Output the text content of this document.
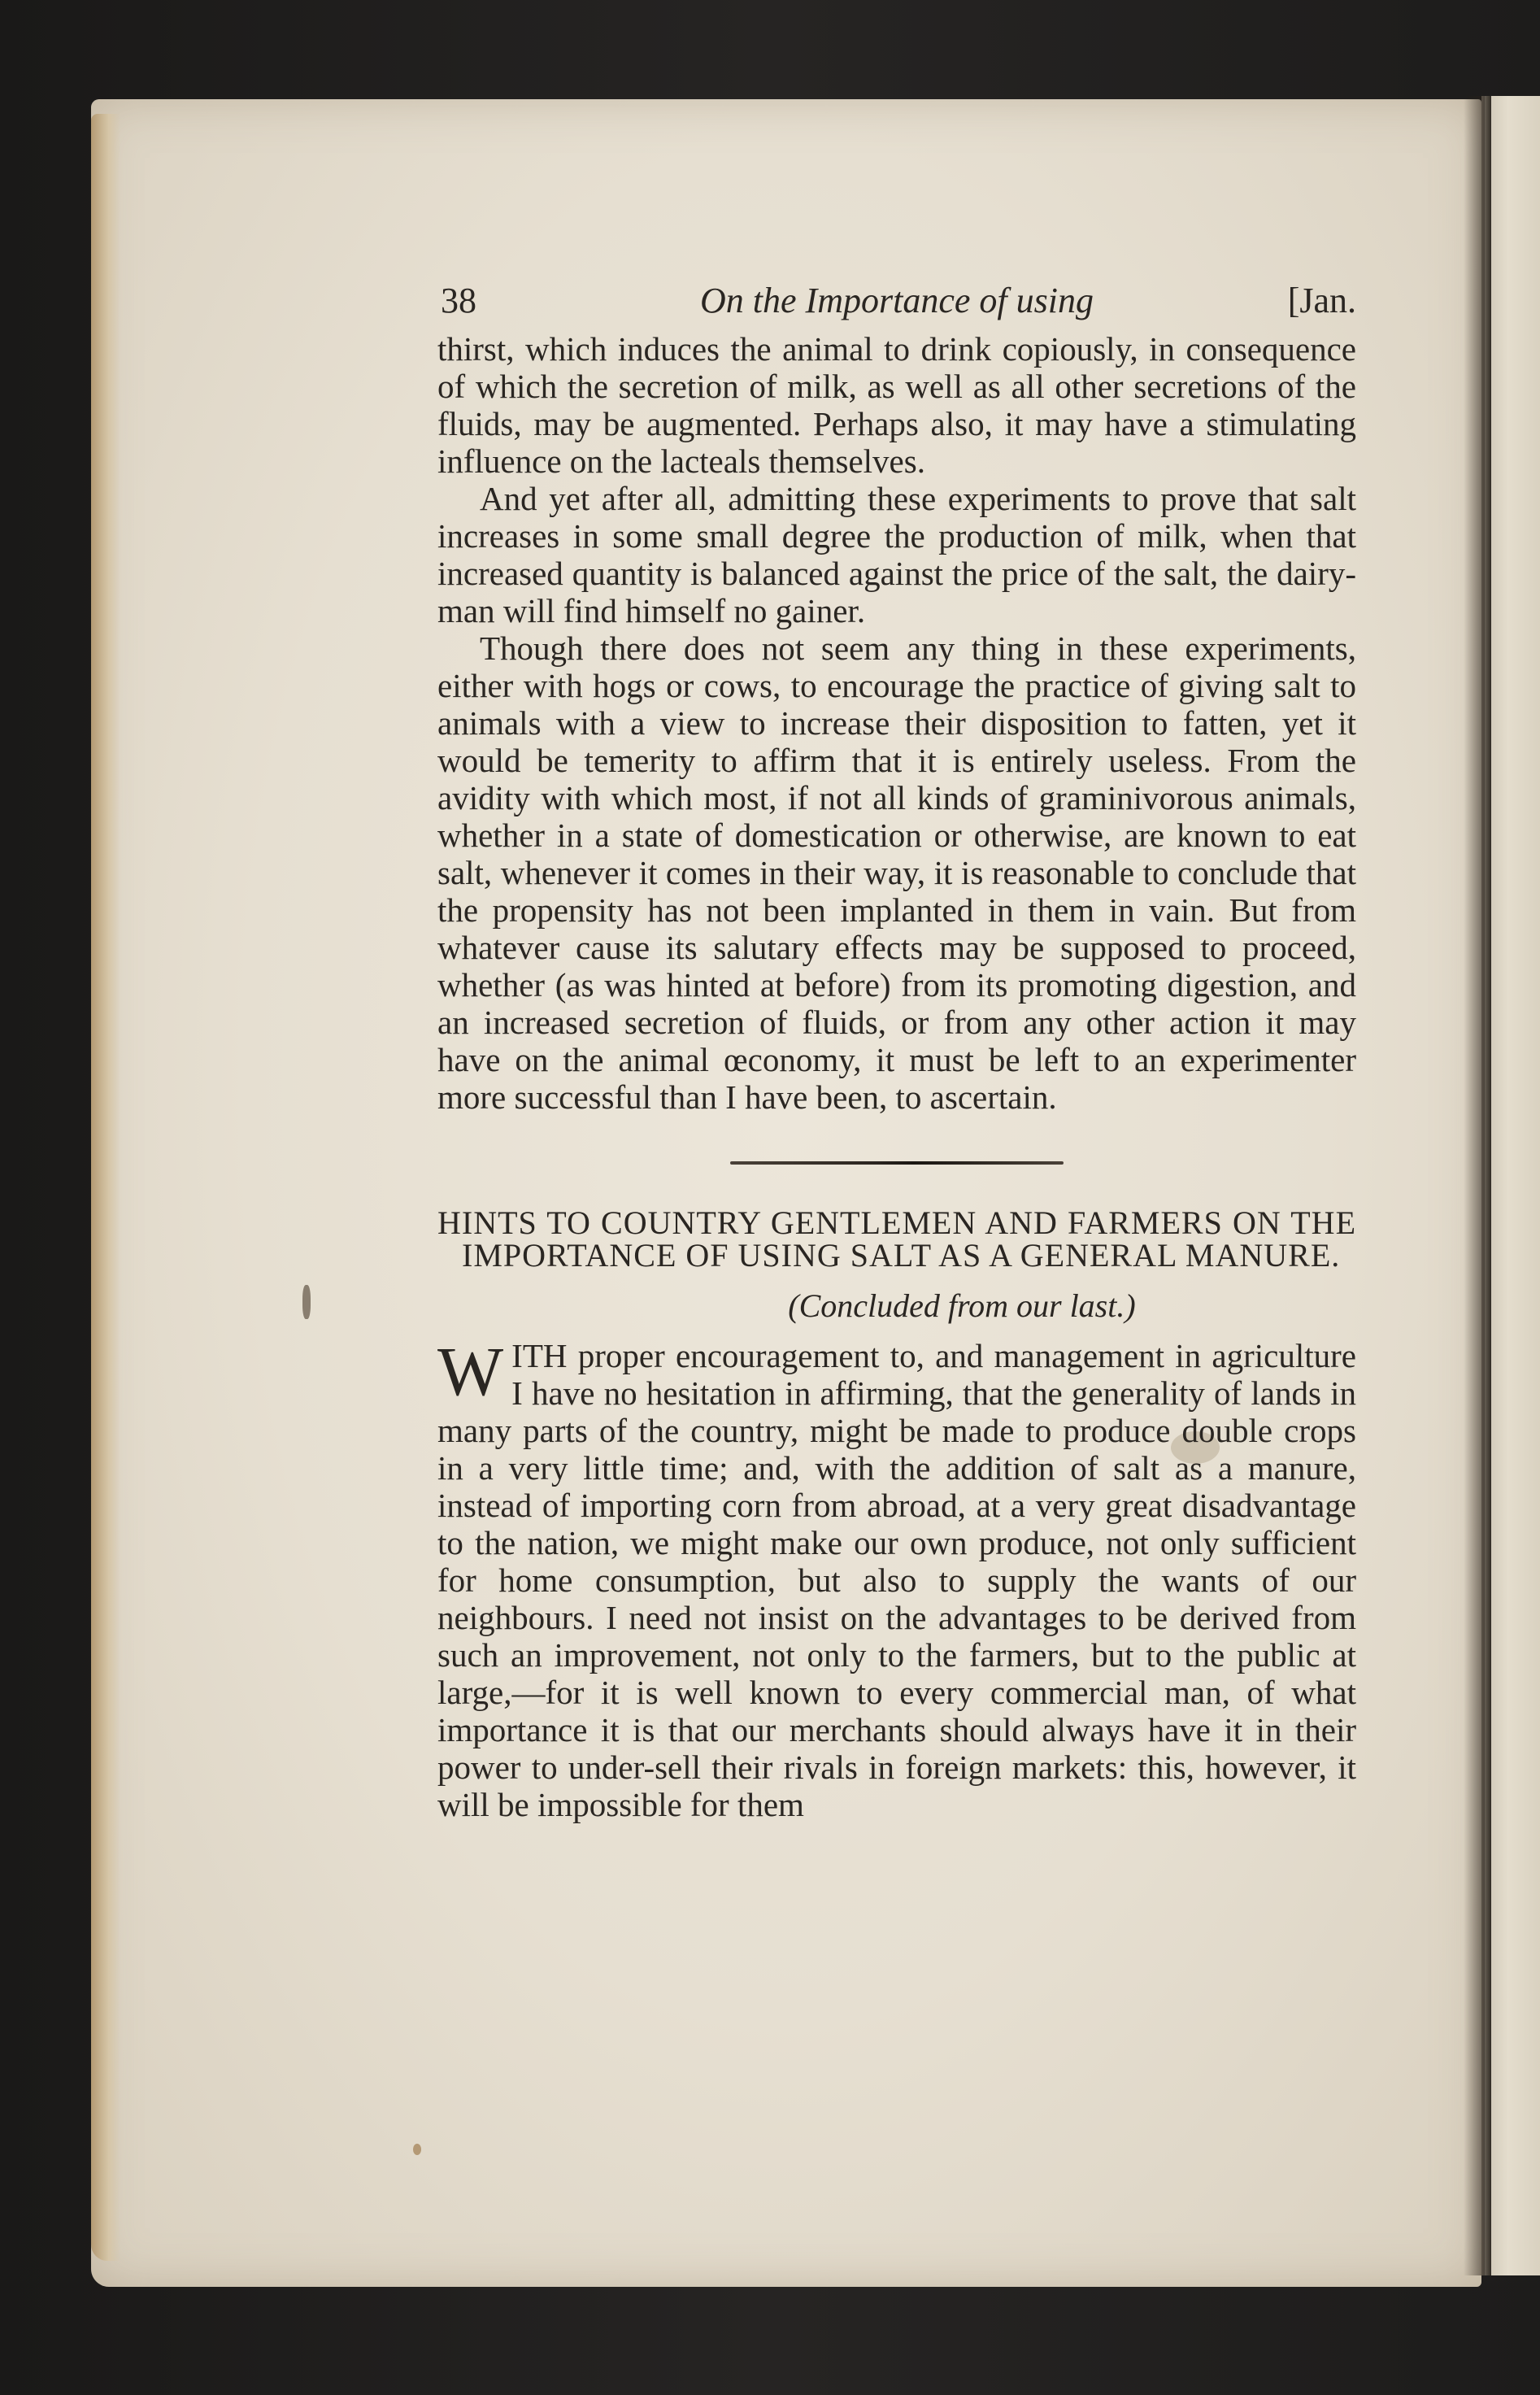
38	On the Importance of using	[Jan.

thirst, which induces the animal to drink copiously, in consequence of which the secretion of milk, as well as all other secretions of the fluids, may be augmented. Perhaps also, it may have a stimulating influence on the lacteals themselves.

And yet after all, admitting these experiments to prove that salt increases in some small degree the production of milk, when that increased quantity is balanced against the price of the salt, the dairy-man will find himself no gainer.

Though there does not seem any thing in these experiments, either with hogs or cows, to encourage the practice of giving salt to animals with a view to increase their disposition to fatten, yet it would be temerity to affirm that it is entirely useless. From the avidity with which most, if not all kinds of graminivorous animals, whether in a state of domestication or otherwise, are known to eat salt, whenever it comes in their way, it is reasonable to conclude that the propensity has not been implanted in them in vain. But from whatever cause its salutary effects may be supposed to proceed, whether (as was hinted at before) from its promoting digestion, and an increased secretion of fluids, or from any other action it may have on the animal œconomy, it must be left to an experimenter more successful than I have been, to ascertain.

HINTS TO COUNTRY GENTLEMEN AND FARMERS ON THE IMPORTANCE OF USING SALT AS A GENERAL MANURE.

(Concluded from our last.)

WITH proper encouragement to, and management in agriculture I have no hesitation in affirming, that the generality of lands in many parts of the country, might be made to produce double crops in a very little time; and, with the addition of salt as a manure, instead of importing corn from abroad, at a very great disadvantage to the nation, we might make our own produce, not only sufficient for home consumption, but also to supply the wants of our neighbours. I need not insist on the advantages to be derived from such an improvement, not only to the farmers, but to the public at large,—for it is well known to every commercial man, of what importance it is that our merchants should always have it in their power to under-sell their rivals in foreign markets: this, however, it will be impossible for them
